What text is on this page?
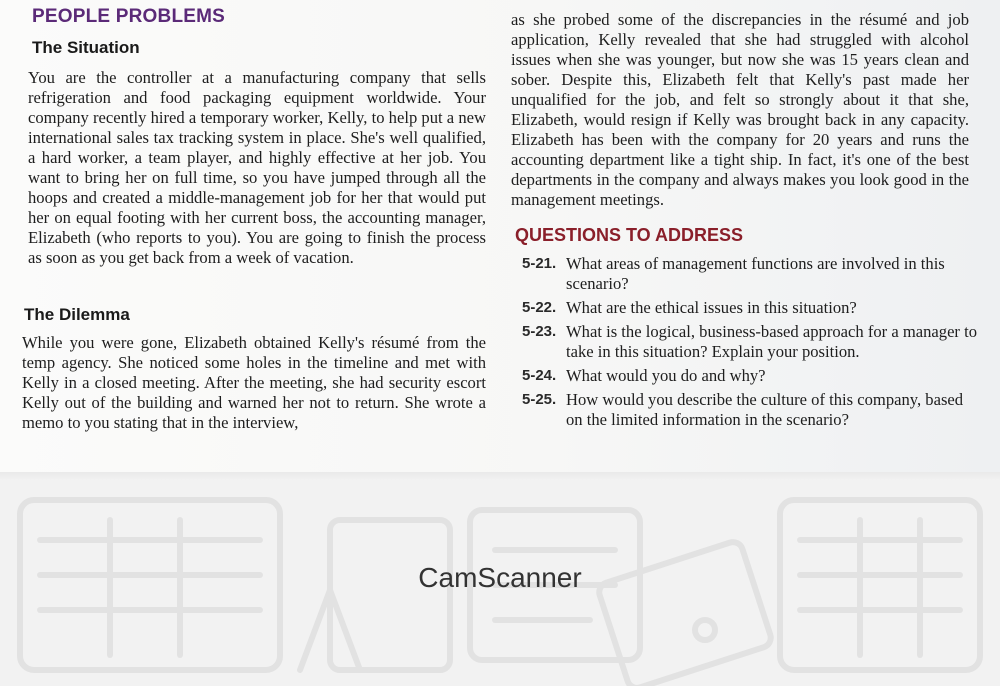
PEOPLE PROBLEMS
The Situation

You are the controller at a manufacturing company that sells refrigeration and food packaging equipment worldwide. Your company recently hired a temporary worker, Kelly, to help put a new international sales tax tracking system in place. She's well qualified, a hard worker, a team player, and highly effective at her job. You want to bring her on full time, so you have jumped through all the hoops and created a middle-management job for her that would put her on equal footing with her current boss, the accounting manager, Elizabeth (who reports to you). You are going to finish the process as soon as you get back from a week of vacation.

The Dilemma

While you were gone, Elizabeth obtained Kelly's résumé from the temp agency. She noticed some holes in the timeline and met with Kelly in a closed meeting. After the meeting, she had security escort Kelly out of the building and warned her not to return. She wrote a memo to you stating that in the interview,

as she probed some of the discrepancies in the résumé and job application, Kelly revealed that she had struggled with alcohol issues when she was younger, but now she was 15 years clean and sober. Despite this, Elizabeth felt that Kelly's past made her unqualified for the job, and felt so strongly about it that she, Elizabeth, would resign if Kelly was brought back in any capacity. Elizabeth has been with the company for 20 years and runs the accounting department like a tight ship. In fact, it's one of the best departments in the company and always makes you look good in the management meetings.

QUESTIONS TO ADDRESS
5-21. What areas of management functions are involved in this scenario?
5-22. What are the ethical issues in this situation?
5-23. What is the logical, business-based approach for a manager to take in this situation? Explain your position.
5-24. What would you do and why?
5-25. How would you describe the culture of this company, based on the limited information in the scenario?
CamScanner
